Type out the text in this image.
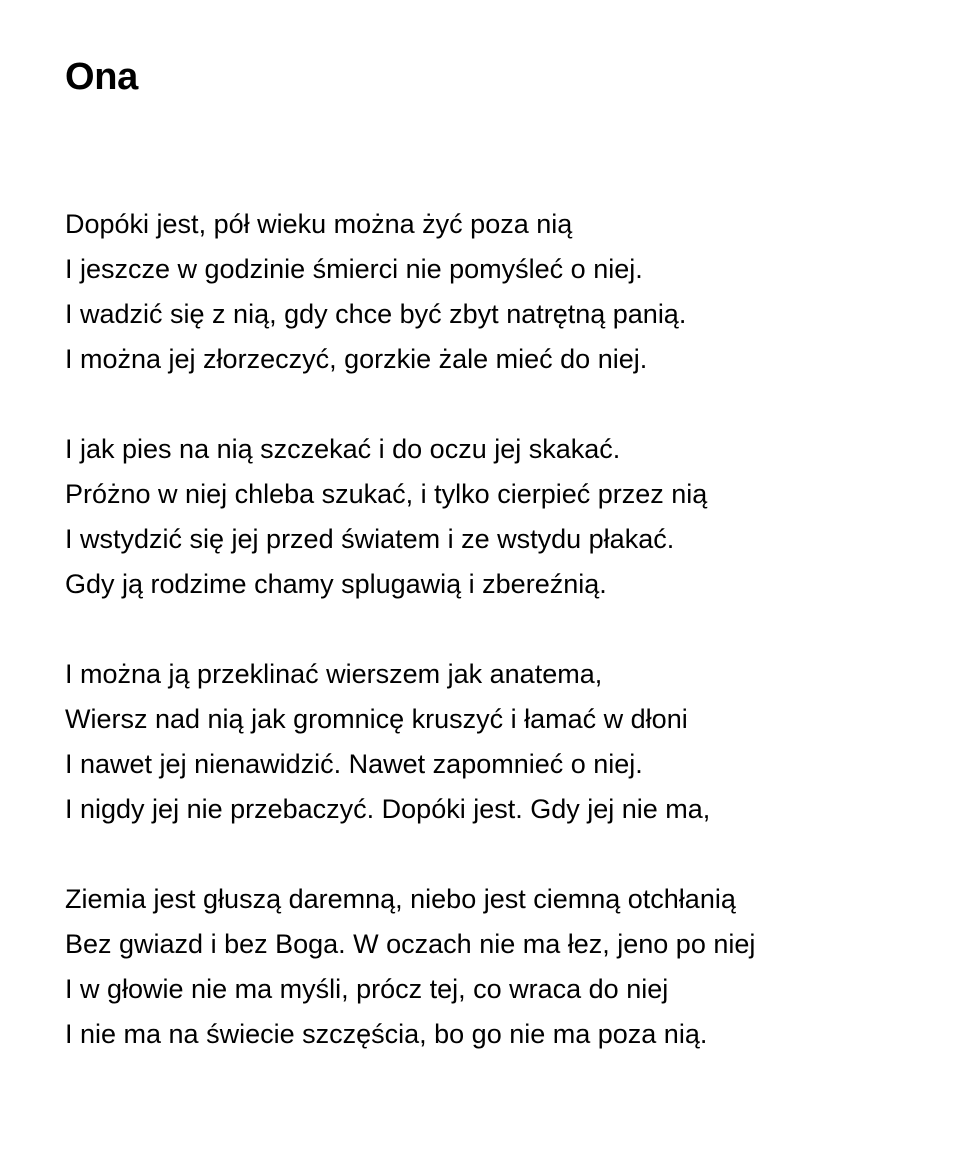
Ona
Dopóki jest, pół wieku można żyć poza nią
I jeszcze w godzinie śmierci nie pomyśleć o niej.
I wadzić się z nią, gdy chce być zbyt natrętną panią.
I można jej złorzeczyć, gorzkie żale mieć do niej.
I jak pies na nią szczekać i do oczu jej skakać.
Próżno w niej chleba szukać, i tylko cierpieć przez nią
I wstydzić się jej przed światem i ze wstydu płakać.
Gdy ją rodzime chamy splugawią i zbereźnią.
I można ją przeklinać wierszem jak anatema,
Wiersz nad nią jak gromnicę kruszyć i łamać w dłoni
I nawet jej nienawidzić. Nawet zapomnieć o niej.
I nigdy jej nie przebaczyć. Dopóki jest. Gdy jej nie ma,
Ziemia jest głuszą daremną, niebo jest ciemną otchłanią
Bez gwiazd i bez Boga. W oczach nie ma łez, jeno po niej
I w głowie nie ma myśli, prócz tej, co wraca do niej
I nie ma na świecie szczęścia, bo go nie ma poza nią.
